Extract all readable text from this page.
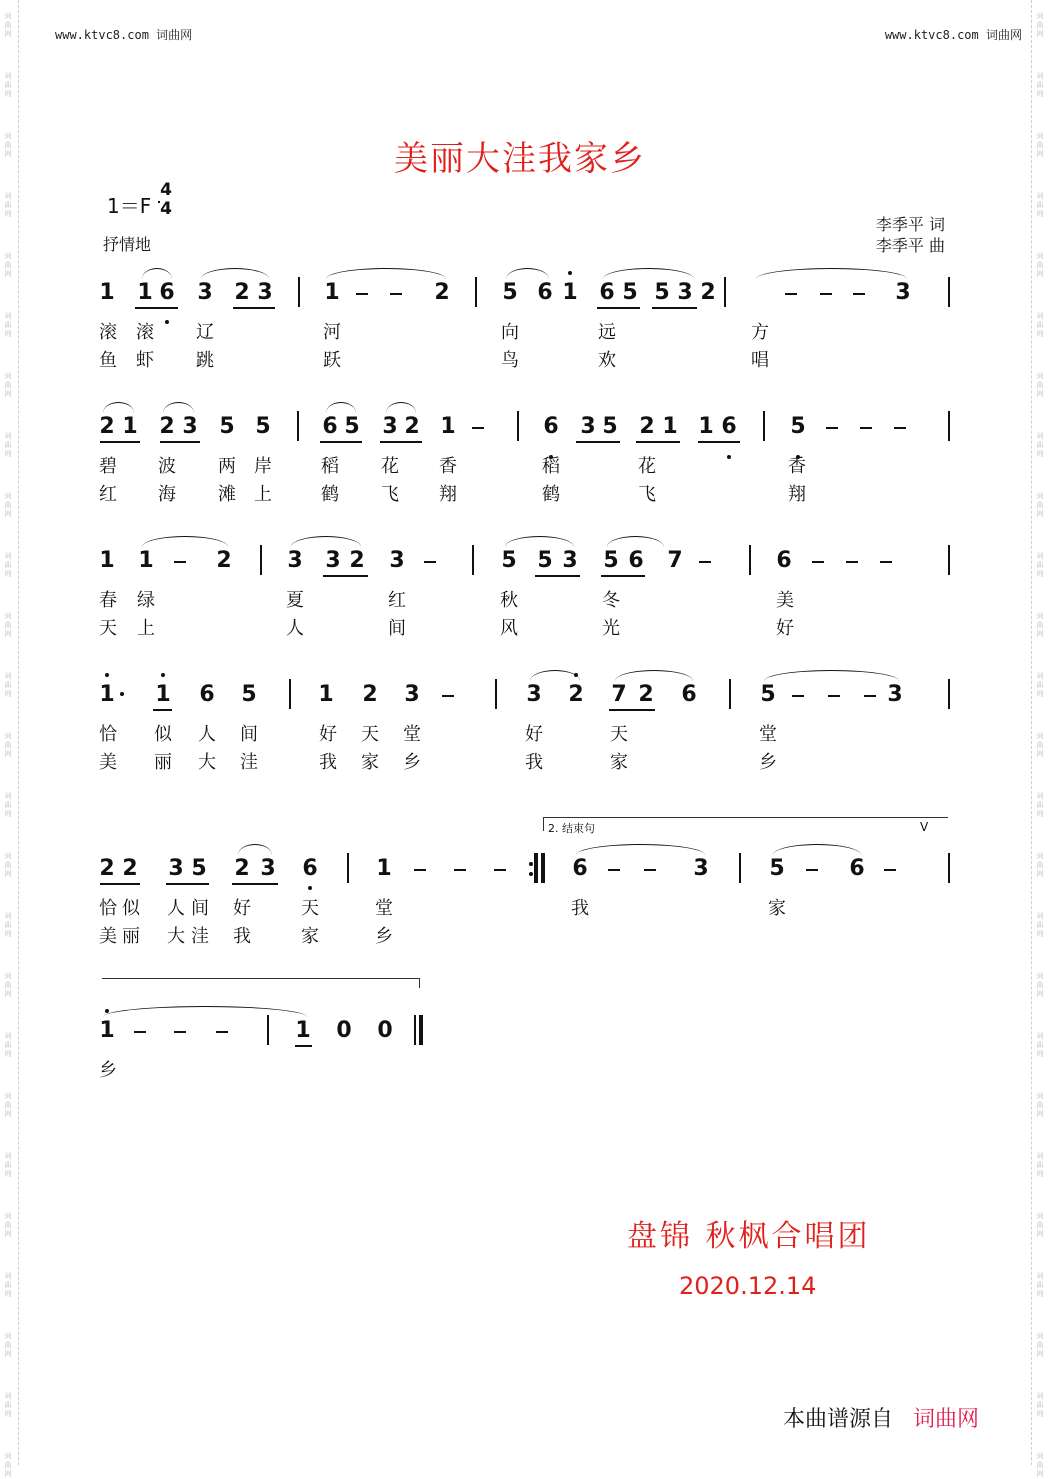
词
曲
网
词
曲
网
词
曲
网
词
曲
网
词
曲
网
词
曲
网
词
曲
网
词
曲
网
词
曲
网
词
曲
网
词
曲
网
词
曲
网
词
曲
网
词
曲
网
词
曲
网
词
曲
网
词
曲
网
词
曲
网
词
曲
网
词
曲
网
词
曲
网
词
曲
网
词
曲
网
词
曲
网
词
曲
网
词
曲
网
词
曲
网
词
曲
网
词
曲
网
词
曲
网
词
曲
网
词
曲
网
词
曲
网
词
曲
网
词
曲
网
词
曲
网
词
曲
网
词
曲
网
词
曲
网
词
曲
网
词
曲
网
词
曲
网
词
曲
网
词
曲
网
词
曲
网
词
曲
网
词
曲
网
词
曲
网
词
曲
网
词
曲
网
www.ktvc8.com 词曲网	www.ktvc8.com 词曲网
美丽大洼我家乡
1＝F
4
4
抒情地
李季平 词
李季平 曲
1 1 6 3 2 3 1	2 5 6 1 6 5 5 3 2	3
滚 滚 辽	河	向	远	方
鱼 虾 跳	跃	鸟	欢	唱
2 1 2 3 5 5 6 5 3 2 1	6 3 5 2 1 1 6 5
碧 波 两 岸	稻 花 香	稻	花	香
红 海 滩 上	鹤 飞 翔	鹤	飞	翔
1 1	2	3 3 2 3	5 5 3 5 6 7	6
春 绿	夏	红	秋	冬	美
天 上	人	间	风	光	好
1 1 6 5	1 2 3	3 2 7 2 6	5	3
恰 似 人 间	好 天 堂	好	天	堂
美 丽 大 洼	我 家 乡	我	家	乡
2 2 3 5 2 3 6	1	6	3	5	6
恰 似 人 间 好	天	堂	我	家
美 丽 大 洼 我	家	乡
1	1 0 0
乡
2. 结束句	V
盘锦 秋枫合唱团
2020.12.14
本曲谱源自 词曲网
